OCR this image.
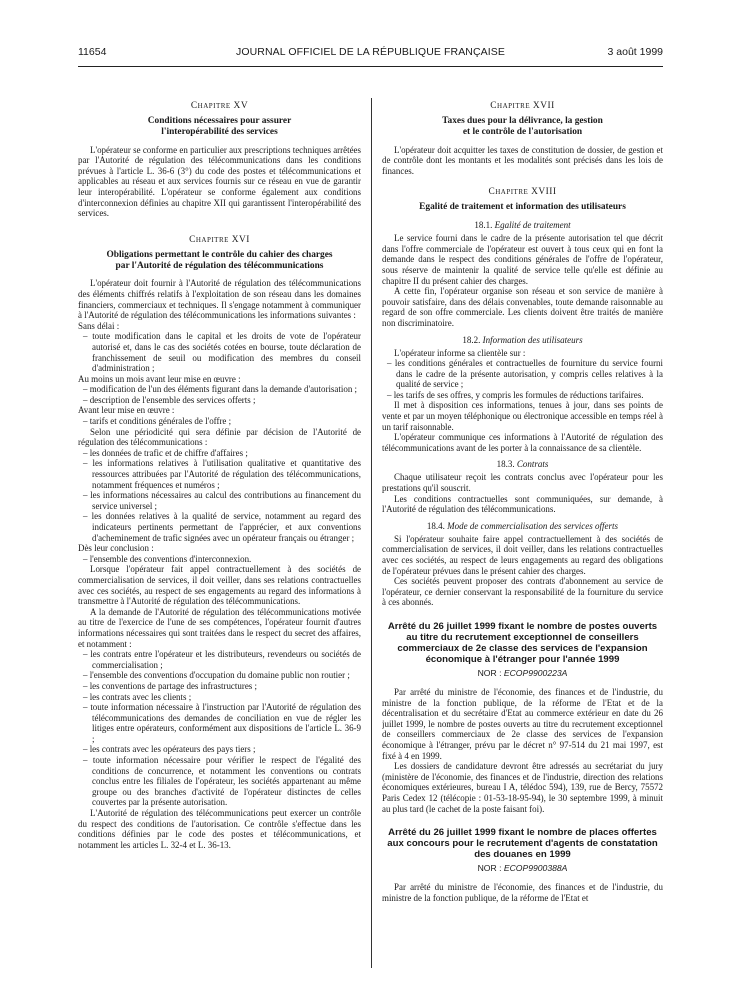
11654	JOURNAL OFFICIEL DE LA RÉPUBLIQUE FRANÇAISE	3 août 1999
Chapitre XV
Conditions nécessaires pour assurer
l'interopérabilité des services

L'opérateur se conforme en particulier aux prescriptions techniques arrêtées par l'Autorité de régulation des télécommunications dans les conditions prévues à l'article L. 36-6 (3°) du code des postes et télécommunications et applicables au réseau et aux services fournis sur ce réseau en vue de garantir leur interopérabilité. L'opérateur se conforme également aux conditions d'interconnexion définies au chapitre XII qui garantissent l'interopérabilité des services.

Chapitre XVI
Obligations permettant le contrôle du cahier des charges
par l'Autorité de régulation des télécommunications

L'opérateur doit fournir à l'Autorité de régulation des télécommunications des éléments chiffrés relatifs à l'exploitation de son réseau dans les domaines financiers, commerciaux et techniques. Il s'engage notamment à communiquer à l'Autorité de régulation des télécommunications les informations suivantes :

Sans délai :

– toute modification dans le capital et les droits de vote de l'opérateur autorisé et, dans le cas des sociétés cotées en bourse, toute déclaration de franchissement de seuil ou modification des membres du conseil d'administration ;

Au moins un mois avant leur mise en œuvre :

– modification de l'un des éléments figurant dans la demande d'autorisation ;
– description de l'ensemble des services offerts ;

Avant leur mise en œuvre :

– tarifs et conditions générales de l'offre ;

Selon une périodicité qui sera définie par décision de l'Autorité de régulation des télécommunications :

– les données de trafic et de chiffre d'affaires ;
– les informations relatives à l'utilisation qualitative et quantitative des ressources attribuées par l'Autorité de régulation des télécommunications, notamment fréquences et numéros ;
– les informations nécessaires au calcul des contributions au financement du service universel ;
– les données relatives à la qualité de service, notamment au regard des indicateurs pertinents permettant de l'apprécier, et aux conventions d'acheminement de trafic signées avec un opérateur français ou étranger ;

Dès leur conclusion :

– l'ensemble des conventions d'interconnexion.

Lorsque l'opérateur fait appel contractuellement à des sociétés de commercialisation de services, il doit veiller, dans ses relations contractuelles avec ces sociétés, au respect de ses engagements au regard des informations à transmettre à l'Autorité de régulation des télécommunications.

A la demande de l'Autorité de régulation des télécommunications motivée au titre de l'exercice de l'une de ses compétences, l'opérateur fournit d'autres informations nécessaires qui sont traitées dans le respect du secret des affaires, et notamment :

– les contrats entre l'opérateur et les distributeurs, revendeurs ou sociétés de commercialisation ;
– l'ensemble des conventions d'occupation du domaine public non routier ;
– les conventions de partage des infrastructures ;
– les contrats avec les clients ;
– toute information nécessaire à l'instruction par l'Autorité de régulation des télécommunications des demandes de conciliation en vue de régler les litiges entre opérateurs, conformément aux dispositions de l'article L. 36-9 ;
– les contrats avec les opérateurs des pays tiers ;
– toute information nécessaire pour vérifier le respect de l'égalité des conditions de concurrence, et notamment les conventions ou contrats conclus entre les filiales de l'opérateur, les sociétés appartenant au même groupe ou des branches d'activité de l'opérateur distinctes de celles couvertes par la présente autorisation.

L'Autorité de régulation des télécommunications peut exercer un contrôle du respect des conditions de l'autorisation. Ce contrôle s'effectue dans les conditions définies par le code des postes et télécommunications, et notamment les articles L. 32-4 et L. 36-13.

Chapitre XVII
Taxes dues pour la délivrance, la gestion
et le contrôle de l'autorisation

L'opérateur doit acquitter les taxes de constitution de dossier, de gestion et de contrôle dont les montants et les modalités sont précisés dans les lois de finances.

Chapitre XVIII
Egalité de traitement et information des utilisateurs
18.1. Egalité de traitement

Le service fourni dans le cadre de la présente autorisation tel que décrit dans l'offre commerciale de l'opérateur est ouvert à tous ceux qui en font la demande dans le respect des conditions générales de l'offre de l'opérateur, sous réserve de maintenir la qualité de service telle qu'elle est définie au chapitre II du présent cahier des charges.

A cette fin, l'opérateur organise son réseau et son service de manière à pouvoir satisfaire, dans des délais convenables, toute demande raisonnable au regard de son offre commerciale. Les clients doivent être traités de manière non discriminatoire.

18.2. Information des utilisateurs

L'opérateur informe sa clientèle sur :

– les conditions générales et contractuelles de fourniture du service fourni dans le cadre de la présente autorisation, y compris celles relatives à la qualité de service ;
– les tarifs de ses offres, y compris les formules de réductions tarifaires.

Il met à disposition ces informations, tenues à jour, dans ses points de vente et par un moyen téléphonique ou électronique accessible en temps réel à un tarif raisonnable.

L'opérateur communique ces informations à l'Autorité de régulation des télécommunications avant de les porter à la connaissance de sa clientèle.

18.3. Contrats

Chaque utilisateur reçoit les contrats conclus avec l'opérateur pour les prestations qu'il souscrit.

Les conditions contractuelles sont communiquées, sur demande, à l'Autorité de régulation des télécommunications.

18.4. Mode de commercialisation des services offerts

Si l'opérateur souhaite faire appel contractuellement à des sociétés de commercialisation de services, il doit veiller, dans les relations contractuelles avec ces sociétés, au respect de leurs engagements au regard des obligations de l'opérateur prévues dans le présent cahier des charges.

Ces sociétés peuvent proposer des contrats d'abonnement au service de l'opérateur, ce dernier conservant la responsabilité de la fourniture du service à ces abonnés.

Arrêté du 26 juillet 1999 fixant le nombre de postes ouverts au titre du recrutement exceptionnel de conseillers commerciaux de 2e classe des services de l'expansion économique à l'étranger pour l'année 1999
NOR : ECOP9900223A

Par arrêté du ministre de l'économie, des finances et de l'industrie, du ministre de la fonction publique, de la réforme de l'Etat et de la décentralisation et du secrétaire d'Etat au commerce extérieur en date du 26 juillet 1999, le nombre de postes ouverts au titre du recrutement exceptionnel de conseillers commerciaux de 2e classe des services de l'expansion économique à l'étranger, prévu par le décret n° 97-514 du 21 mai 1997, est fixé à 4 en 1999.

Les dossiers de candidature devront être adressés au secrétariat du jury (ministère de l'économie, des finances et de l'industrie, direction des relations économiques extérieures, bureau I A, télédoc 594), 139, rue de Bercy, 75572 Paris Cedex 12 (télécopie : 01-53-18-95-94), le 30 septembre 1999, à minuit au plus tard (le cachet de la poste faisant foi).

Arrêté du 26 juillet 1999 fixant le nombre de places offertes aux concours pour le recrutement d'agents de constatation des douanes en 1999
NOR : ECOP9900388A

Par arrêté du ministre de l'économie, des finances et de l'industrie, du ministre de la fonction publique, de la réforme de l'Etat et
